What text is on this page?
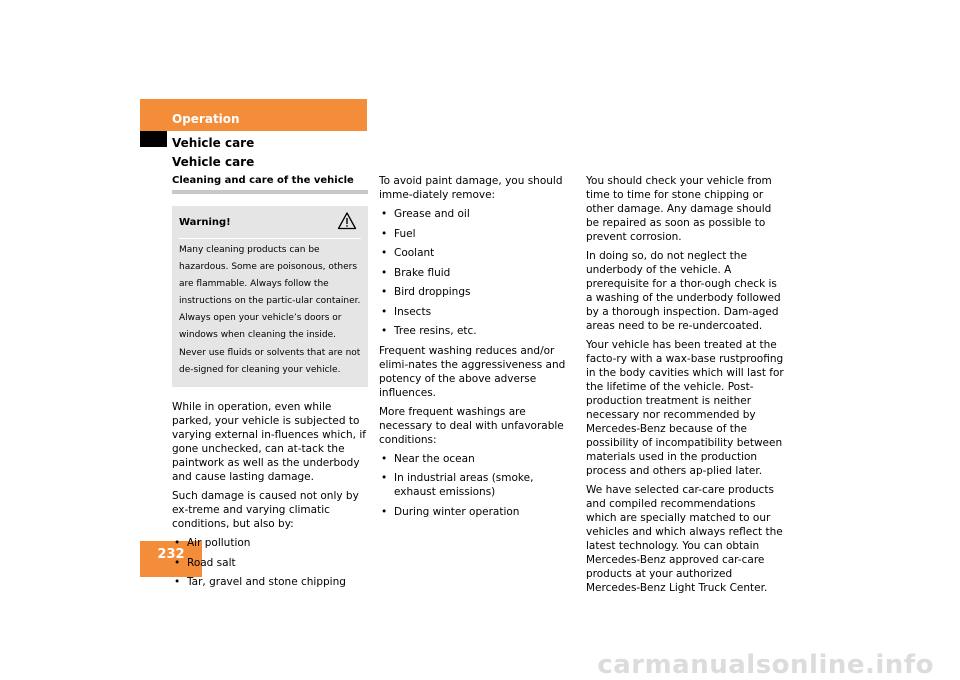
Operation
Vehicle care
Vehicle care
232
Cleaning and care of the vehicle
Warning!

Many cleaning products can be hazardous. Some are poisonous, others are flammable. Always follow the instructions on the partic-ular container. Always open your vehicle’s doors or windows when cleaning the inside.

Never use fluids or solvents that are not de-signed for cleaning your vehicle.

While in operation, even while parked, your vehicle is subjected to varying external in-fluences which, if gone unchecked, can at-tack the paintwork as well as the underbody and cause lasting damage.

Such damage is caused not only by ex-treme and varying climatic conditions, but also by:

• Air pollution
• Road salt
• Tar, gravel and stone chipping

To avoid paint damage, you should imme-diately remove:

• Grease and oil
• Fuel
• Coolant
• Brake fluid
• Bird droppings
• Insects
• Tree resins, etc.

Frequent washing reduces and/or elimi-nates the aggressiveness and potency of the above adverse influences.

More frequent washings are necessary to deal with unfavorable conditions:

• Near the ocean
• In industrial areas (smoke, exhaust emissions)
• During winter operation

You should check your vehicle from time to time for stone chipping or other damage. Any damage should be repaired as soon as possible to prevent corrosion.

In doing so, do not neglect the underbody of the vehicle. A prerequisite for a thor-ough check is a washing of the underbody followed by a thorough inspection. Dam-aged areas need to be re-undercoated.

Your vehicle has been treated at the facto-ry with a wax-base rustproofing in the body cavities which will last for the lifetime of the vehicle. Post-production treatment is neither necessary nor recommended by Mercedes-Benz because of the possibility of incompatibility between materials used in the production process and others ap-plied later.

We have selected car-care products and compiled recommendations which are specially matched to our vehicles and which always reflect the latest technology. You can obtain Mercedes-Benz approved car-care products at your authorized Mercedes-Benz Light Truck Center.

carmanualsonline.info
